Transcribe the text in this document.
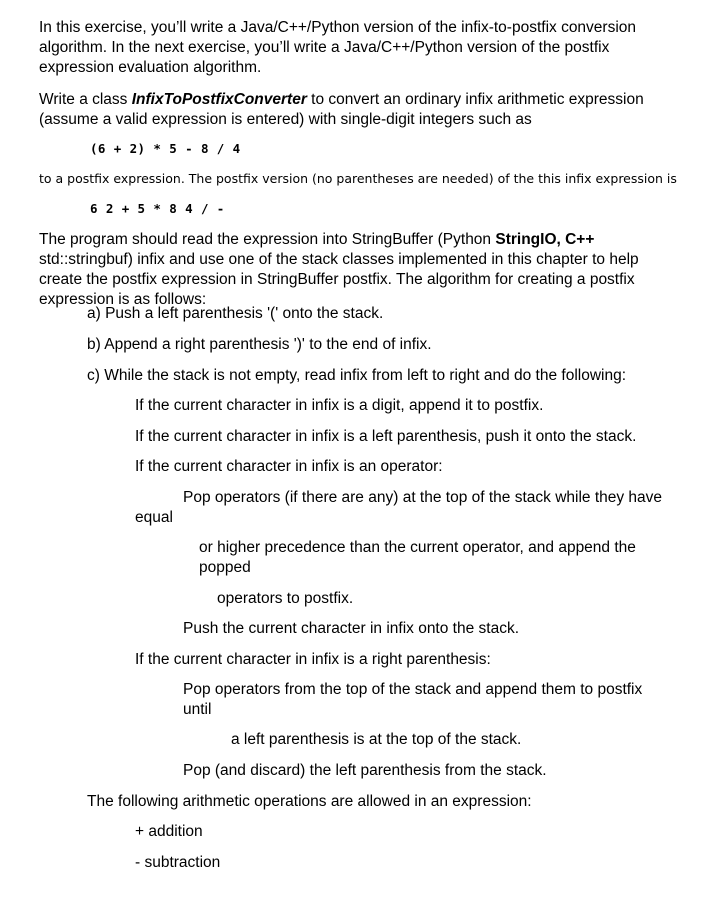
In this exercise, you’ll write a Java/C++/Python version of the infix-to-postfix conversion algorithm. In the next exercise, you’ll write a Java/C++/Python version of the postfix expression evaluation algorithm.

Write a class InfixToPostfixConverter to convert an ordinary infix arithmetic expression (assume a valid expression is entered) with single-digit integers such as

(6 + 2) * 5 - 8 / 4

to a postfix expression. The postfix version (no parentheses are needed) of the this infix expression is

6 2 + 5 * 8 4 / -

The program should read the expression into StringBuffer (Python StringIO, C++ std::stringbuf) infix and use one of the stack classes implemented in this chapter to help create the postfix expression in StringBuffer postfix. The algorithm for creating a postfix expression is as follows:

a) Push a left parenthesis '(' onto the stack.

b) Append a right parenthesis ')' to the end of infix.

c) While the stack is not empty, read infix from left to right and do the following:

If the current character in infix is a digit, append it to postfix.

If the current character in infix is a left parenthesis, push it onto the stack.

If the current character in infix is an operator:

Pop operators (if there are any) at the top of the stack while they have equal

or higher precedence than the current operator, and append the popped

operators to postfix.

Push the current character in infix onto the stack.

If the current character in infix is a right parenthesis:

Pop operators from the top of the stack and append them to postfix until

a left parenthesis is at the top of the stack.

Pop (and discard) the left parenthesis from the stack.

The following arithmetic operations are allowed in an expression:

+ addition

- subtraction
